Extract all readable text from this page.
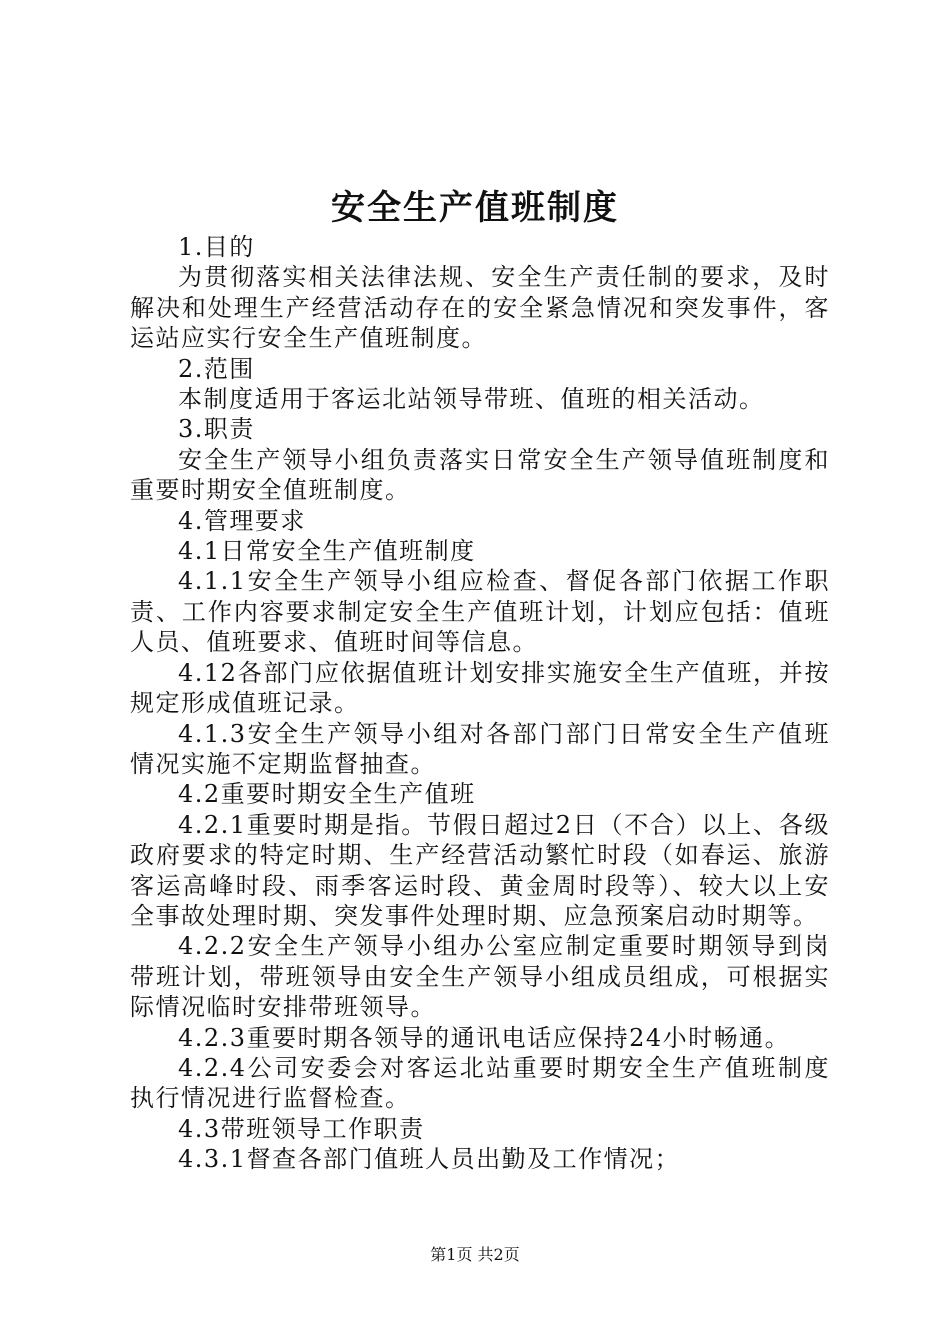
安全生产值班制度

1.目的

为贯彻落实相关法律法规、安全生产责任制的要求，及时解决和处理生产经营活动存在的安全紧急情况和突发事件，客运站应实行安全生产值班制度。

2.范围

本制度适用于客运北站领导带班、值班的相关活动。

3.职责

安全生产领导小组负责落实日常安全生产领导值班制度和重要时期安全值班制度。

4.管理要求

4.1日常安全生产值班制度

4.1.1安全生产领导小组应检查、督促各部门依据工作职责、工作内容要求制定安全生产值班计划，计划应包括：值班人员、值班要求、值班时间等信息。

4.12各部门应依据值班计划安排实施安全生产值班，并按规定形成值班记录。

4.1.3安全生产领导小组对各部门部门日常安全生产值班情况实施不定期监督抽查。

4.2重要时期安全生产值班

4.2.1重要时期是指。节假日超过2日（不合）以上、各级政府要求的特定时期、生产经营活动繁忙时段（如春运、旅游客运高峰时段、雨季客运时段、黄金周时段等）、较大以上安全事故处理时期、突发事件处理时期、应急预案启动时期等。

4.2.2安全生产领导小组办公室应制定重要时期领导到岗带班计划，带班领导由安全生产领导小组成员组成，可根据实际情况临时安排带班领导。

4.2.3重要时期各领导的通讯电话应保持24小时畅通。

4.2.4公司安委会对客运北站重要时期安全生产值班制度执行情况进行监督检查。

4.3带班领导工作职责

4.3.1督查各部门值班人员出勤及工作情况；

第1页 共2页
